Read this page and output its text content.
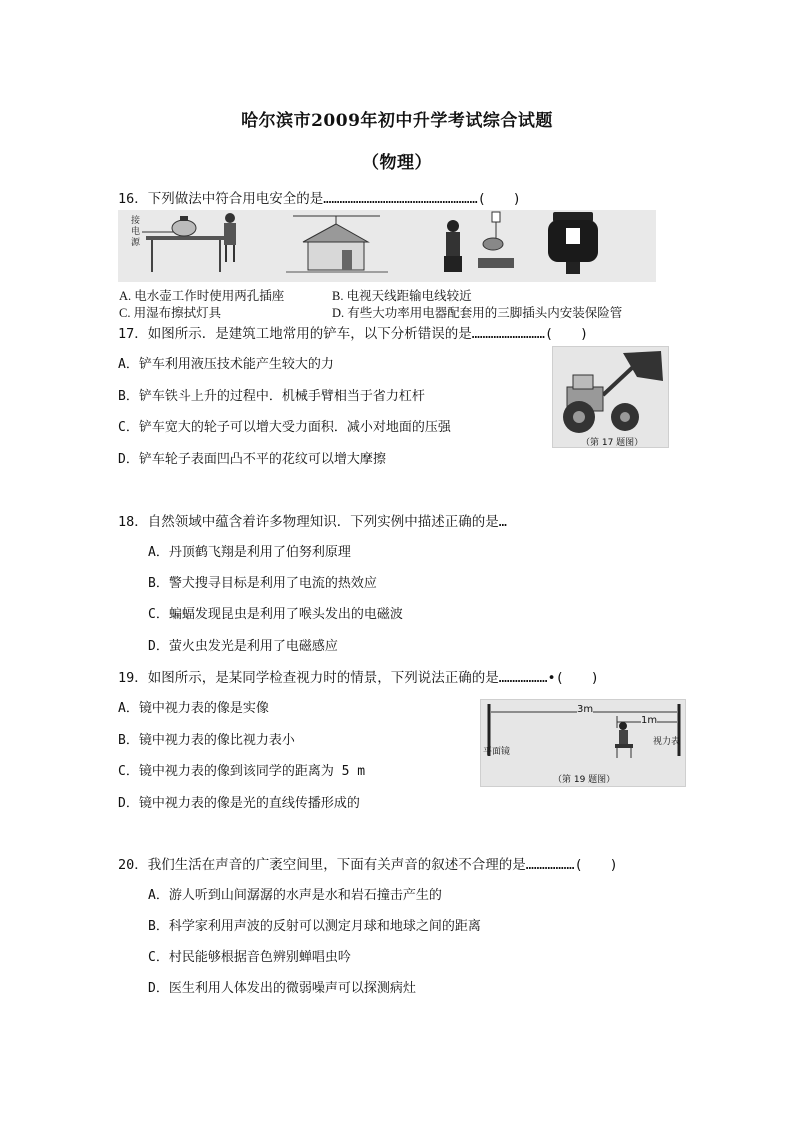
哈尔滨市2009年初中升学考试综合试题
（物理）
16．下列做法中符合用电安全的是…………………………………………………(　　)
接
电
源
A. 电水壶工作时使用两孔插座	B. 电视天线距输电线较近
C. 用湿布擦拭灯具	D. 有些大功率用电器配套用的三脚插头内安装保险管
17．如图所示．是建筑工地常用的铲车，以下分析错误的是………………………(　　)
A．铲车利用液压技术能产生较大的力
B．铲车铁斗上升的过程中．机械手臂相当于省力杠杆
C．铲车宽大的轮子可以增大受力面积．减小对地面的压强
D．铲车轮子表面凹凸不平的花纹可以增大摩擦
（第 17 题图）
18．自然领域中蕴含着许多物理知识．下列实例中描述正确的是…
A．丹顶鹤飞翔是利用了伯努利原理
B．警犬搜寻目标是利用了电流的热效应
C．蝙蝠发现昆虫是利用了喉头发出的电磁波
D．萤火虫发光是利用了电磁感应
19．如图所示，是某同学检查视力时的情景，下列说法正确的是………………•(　　)
A．镜中视力表的像是实像
B．镜中视力表的像比视力表小
C．镜中视力表的像到该同学的距离为 5 m
D．镜中视力表的像是光的直线传播形成的
3m
1m
平面镜
视力表
（第 19 题图）
20．我们生活在声音的广袤空间里，下面有关声音的叙述不合理的是………………(　　)
A．游人听到山间潺潺的水声是水和岩石撞击产生的
B．科学家利用声波的反射可以测定月球和地球之间的距离
C．村民能够根据音色辨别蝉唱虫吟
D．医生利用人体发出的微弱噪声可以探测病灶
